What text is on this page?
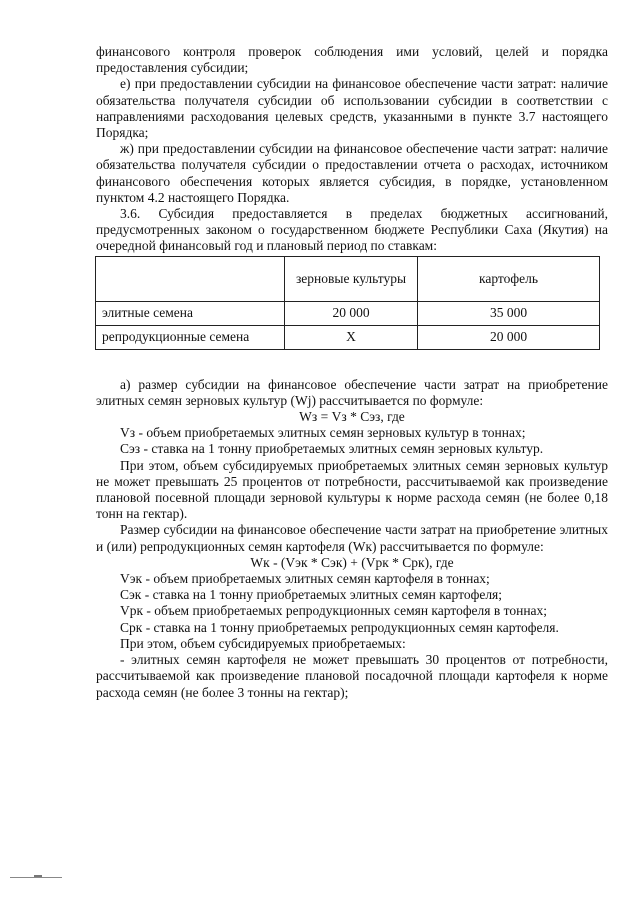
финансового контроля проверок соблюдения ими условий, целей и порядка предоставления субсидии;

е) при предоставлении субсидии на финансовое обеспечение части затрат: наличие обязательства получателя субсидии об использовании субсидии в соответствии с направлениями расходования целевых средств, указанными в пункте 3.7 настоящего Порядка;

ж) при предоставлении субсидии на финансовое обеспечение части затрат: наличие обязательства получателя субсидии о предоставлении отчета о расходах, источником финансового обеспечения которых является субсидия, в порядке, установленном пунктом 4.2 настоящего Порядка.

3.6. Субсидия предоставляется в пределах бюджетных ассигнований, предусмотренных законом о государственном бюджете Республики Саха (Якутия) на очередной финансовый год и плановый период по ставкам:

	зерновые культуры	картофель
элитные семена	20 000	35 000
репродукционные семена	Х	20 000

а) размер субсидии на финансовое обеспечение части затрат на приобретение элитных семян зерновых культур (Wj) рассчитывается по формуле:

Wз = Vз * Cэз, где

Vз - объем приобретаемых элитных семян зерновых культур в тоннах;

Cэз - ставка на 1 тонну приобретаемых элитных семян зерновых культур.

При этом, объем субсидируемых приобретаемых элитных семян зерновых культур не может превышать 25 процентов от потребности, рассчитываемой как произведение плановой посевной площади зерновой культуры к норме расхода семян (не более 0,18 тонн на гектар).

Размер субсидии на финансовое обеспечение части затрат на приобретение элитных и (или) репродукционных семян картофеля (Wк) рассчитывается по формуле:

Wк - (Vэк * Cэк) + (Vрк * Cрк), где

Vэк - объем приобретаемых элитных семян картофеля в тоннах;

Cэк - ставка на 1 тонну приобретаемых элитных семян картофеля;

Vрк - объем приобретаемых репродукционных семян картофеля в тоннах;

Cрк - ставка на 1 тонну приобретаемых репродукционных семян картофеля.

При этом, объем субсидируемых приобретаемых:

- элитных семян картофеля не может превышать 30 процентов от потребности, рассчитываемой как произведение плановой посадочной площади картофеля к норме расхода семян (не более 3 тонны на гектар);
